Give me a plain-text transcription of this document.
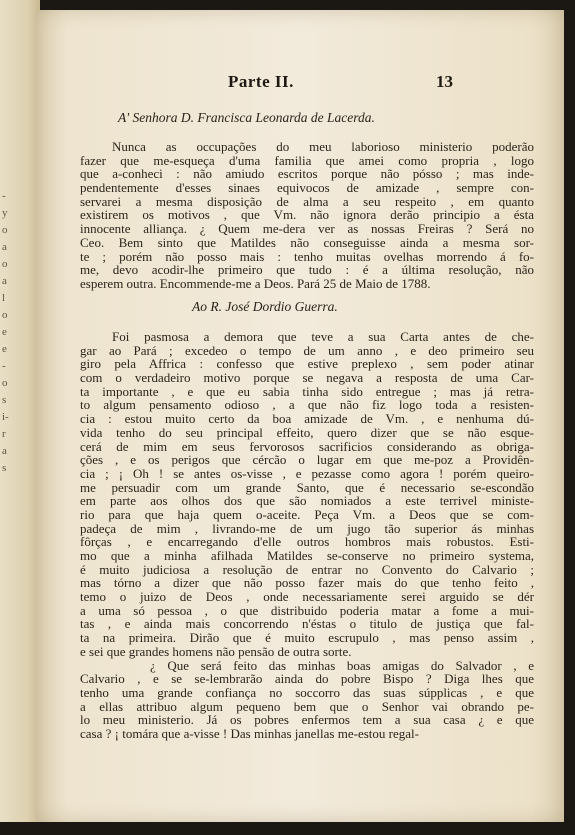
-
y
o
a
o
a
l
o
e
e
-
o
s
i-
r
a
s
Parte II.	13
A' Senhora D. Francisca Leonarda de Lacerda.

Nunca as occupações do meu laborioso ministerio poderão
fazer que me-esqueça d'uma familia que amei como propria , logo
que a-conheci : não amiudo escritos porque não pósso ; mas inde-
pendentemente d'esses sinaes equivocos de amizade , sempre con-
servarei a mesma disposição de alma a seu respeito , em quanto
existirem os motivos , que Vm. não ignora derão principio a ésta
innocente alliança. ¿ Quem me-dera ver as nossas Freiras ? Será no
Ceo. Bem sinto que Matildes não conseguisse ainda a mesma sor-
te ; porém não posso mais : tenho muitas ovelhas morrendo á fo-
me, devo acodir-lhe primeiro que tudo : é a última resolução, não
esperem outra. Encommende-me a Deos. Pará 25 de Maio de 1788.

Ao R. José Dordio Guerra.

Foi pasmosa a demora que teve a sua Carta antes de che-
gar ao Pará ; excedeo o tempo de um anno , e deo primeiro seu
giro pela Affrica : confesso que estive preplexo , sem poder atinar
com o verdadeiro motivo porque se negava a resposta de uma Car-
ta importante , e que eu sabia tinha sido entregue ; mas já retra-
to algum pensamento odioso , a que não fiz logo toda a resisten-
cia : estou muito certo da boa amizade de Vm. , e nenhuma dú-
vida tenho do seu principal effeito, quero dizer que se não esque-
cerá de mim em seus fervorosos sacrificios considerando as obriga-
ções , e os perigos que cércão o lugar em que me-poz a Providên-
cia ; ¡ Oh ! se antes os-visse , e pezasse como agora ! porém queiro-
me persuadir com um grande Santo, que é necessario se-escondão
em parte aos olhos dos que são nomiados a este terrivel ministe-
rio para que haja quem o-aceite. Peça Vm. a Deos que se com-
padeça de mim , livrando-me de um jugo tão superior ás minhas
fôrças , e encarregando d'elle outros hombros mais robustos. Esti-
mo que a minha afilhada Matildes se-conserve no primeiro systema,
é muito judiciosa a resolução de entrar no Convento do Calvario ;
mas tórno a dizer que não posso fazer mais do que tenho feito ,
temo o juizo de Deos , onde necessariamente serei arguido se dér
a uma só pessoa , o que distribuido poderia matar a fome a mui-
tas , e ainda mais concorrendo n'éstas o titulo de justiça que fal-
ta na primeira. Dirão que é muito escrupulo , mas penso assim ,
e sei que grandes homens não pensão de outra sorte.
¿ Que será feito das minhas boas amigas do Salvador , e
Calvario , e se se-lembrarão ainda do pobre Bispo ? Diga lhes que
tenho uma grande confiança no soccorro das suas súpplicas , e que
a ellas attribuo algum pequeno bem que o Senhor vai obrando pe-
lo meu ministerio. Já os pobres enfermos tem a sua casa ¿ e que
casa ? ¡ tomára que a-visse ! Das minhas janellas me-estou regal-
